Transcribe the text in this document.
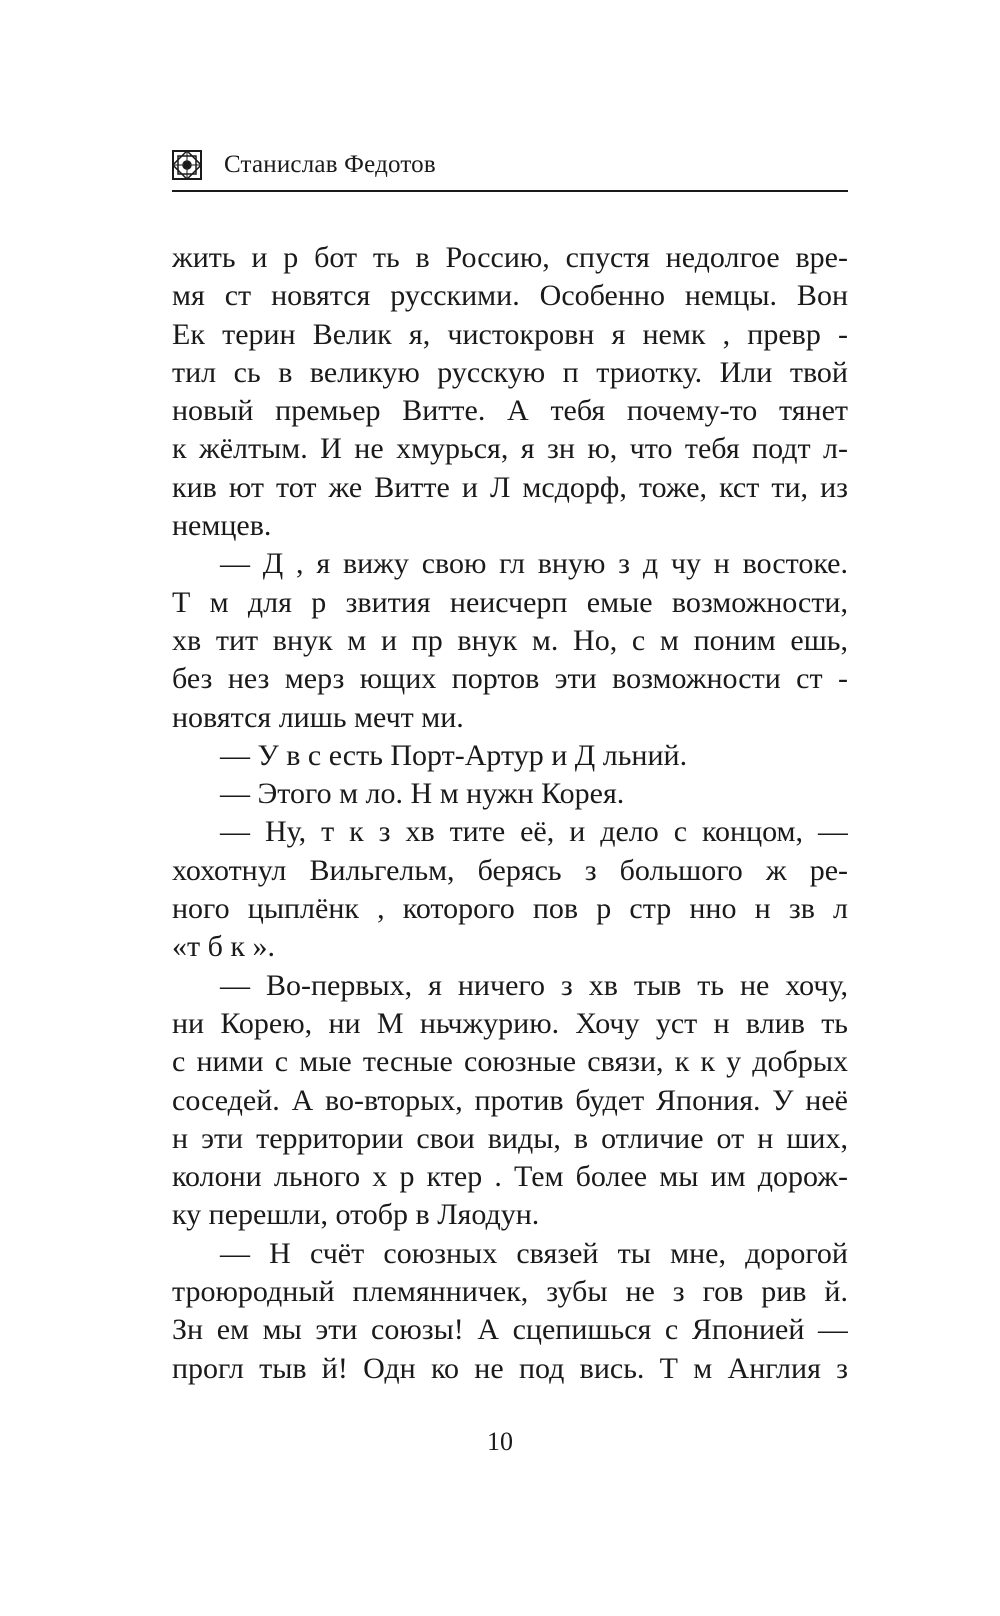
Станислав Федотов
жить и р бот ть в Россию, спустя недолгое вре-
мя ст новятся русскими. Особенно немцы. Вон
Ек терин Велик я, чистокровн я немк , превр -
тил сь в великую русскую п триотку. Или твой
новый премьер Витте. А тебя почему-то тянет
к жёлтым. И не хмурься, я зн ю, что тебя подт л-
кив ют тот же Витте и Л мсдорф, тоже, кст ти, из
немцев.
— Д , я вижу свою гл вную з д чу н востоке.
Т м для р звития неисчерп емые возможности,
хв тит внук м и пр внук м. Но, с м поним ешь,
без нез мерз ющих портов эти возможности ст -
новятся лишь мечт ми.
— У в с есть Порт-Артур и Д льний.
— Этого м ло. Н м нужн Корея.
— Ну, т к з хв тите её, и дело с концом, —
хохотнул Вильгельм, берясь з большого ж ре-
ного цыплёнк , которого пов р стр нно н зв л
«т б к ».
— Во-первых, я ничего з хв тыв ть не хочу,
ни Корею, ни М ньчжурию. Хочу уст н влив ть
с ними с мые тесные союзные связи, к к у добрых
соседей. А во-вторых, против будет Япония. У неё
н эти территории свои виды, в отличие от н ших,
колони льного х р ктер . Тем более мы им дорож-
ку перешли, отобр в Ляодун.
— Н счёт союзных связей ты мне, дорогой
троюродный племянничек, зубы не з гов рив й.
Зн ем мы эти союзы! А сцепишься с Японией —
прогл тыв й! Одн ко не под вись. Т м Англия з
10
